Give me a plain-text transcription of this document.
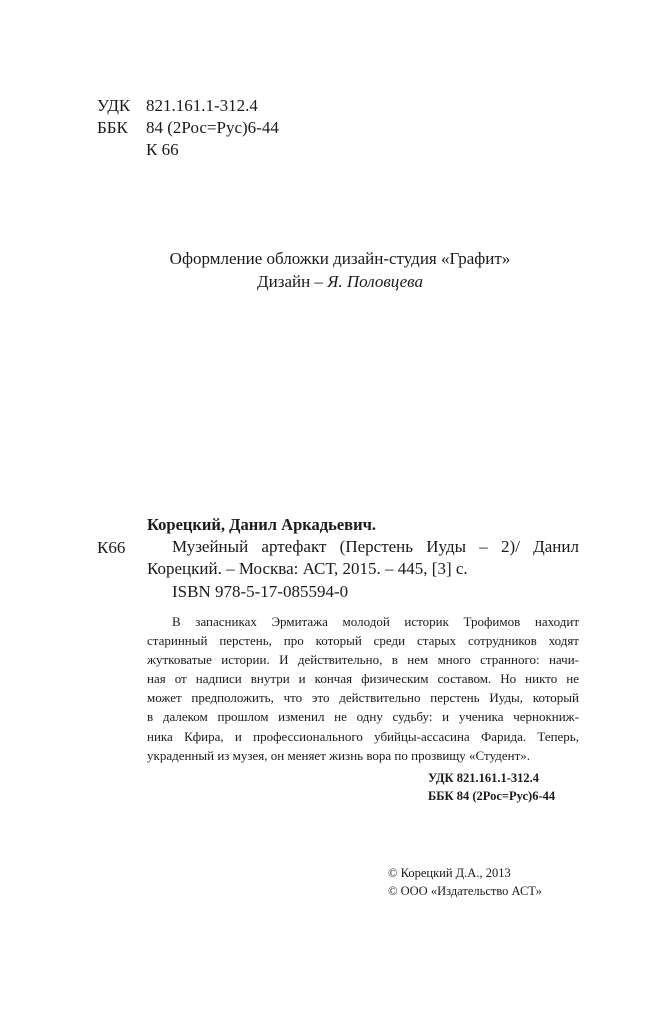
УДК 821.161.1-312.4
ББК 84 (2Рос=Рус)6-44
К 66
Оформление обложки дизайн-студия «Графит»
Дизайн – Я. Половцева
Корецкий, Данил Аркадьевич.
К66	Музейный артефакт (Перстень Иуды – 2)/ Данил Корецкий. – Москва: АСТ, 2015. – 445, [3] с.
ISBN 978-5-17-085594-0
В запасниках Эрмитажа молодой историк Трофимов находит
старинный перстень, про который среди старых сотрудников ходят
жутковатые истории. И действительно, в нем много странного: начи-
ная от надписи внутри и кончая физическим составом. Но никто не
может предположить, что это действительно перстень Иуды, который
в далеком прошлом изменил не одну судьбу: и ученика чернокниж-
ника Кфира, и профессионального убийцы-ассасина Фарида. Теперь,
украденный из музея, он меняет жизнь вора по прозвищу «Студент».
УДК 821.161.1-312.4
ББК 84 (2Рос=Рус)6-44
© Корецкий Д.А., 2013
© ООО «Издательство АСТ»
